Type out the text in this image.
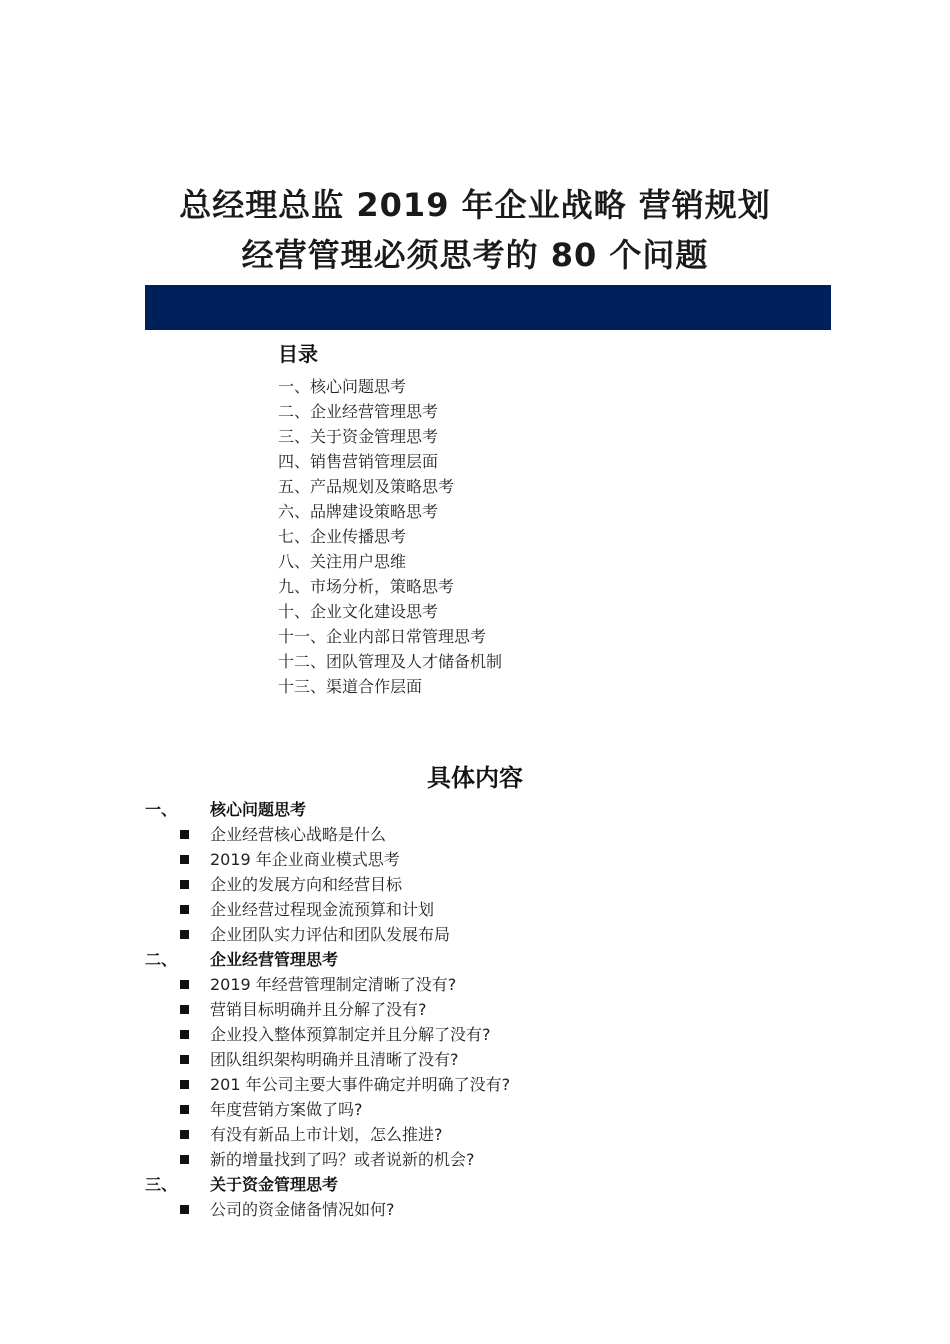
总经理总监 2019 年企业战略 营销规划
经营管理必须思考的 80 个问题
目录
一、核心问题思考
二、企业经营管理思考
三、关于资金管理思考
四、销售营销管理层面
五、产品规划及策略思考
六、品牌建设策略思考
七、企业传播思考
八、关注用户思维
九、市场分析，策略思考
十、企业文化建设思考
十一、企业内部日常管理思考
十二、团队管理及人才储备机制
十三、渠道合作层面
具体内容
一、 核心问题思考
企业经营核心战略是什么
2019 年企业商业模式思考
企业的发展方向和经营目标
企业经营过程现金流预算和计划
企业团队实力评估和团队发展布局
二、 企业经营管理思考
2019 年经营管理制定清晰了没有?
营销目标明确并且分解了没有?
企业投入整体预算制定并且分解了没有?
团队组织架构明确并且清晰了没有?
201 年公司主要大事件确定并明确了没有?
年度营销方案做了吗?
有没有新品上市计划，怎么推进?
新的增量找到了吗？或者说新的机会?
三、 关于资金管理思考
公司的资金储备情况如何?
